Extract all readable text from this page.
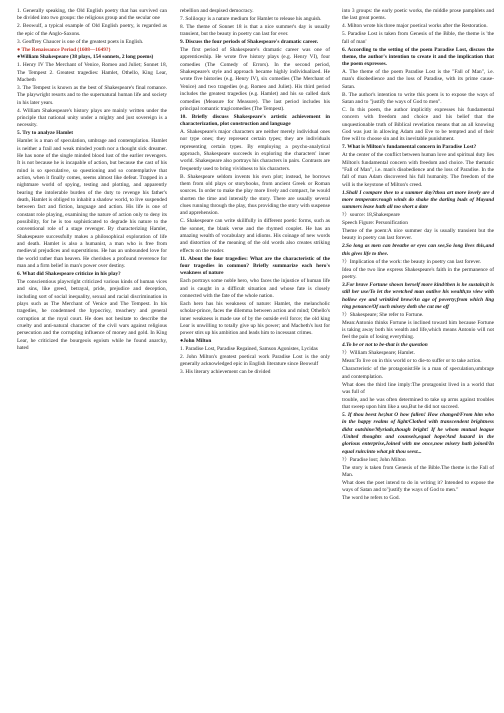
1. Generally speaking, the Old English poetry that has survived can be divided into two groups: the religious group and the secular one

2. Beowulf, a typical example of Old English poetry, is regarded as the epic of the Anglo-Saxons.

3. Geoffrey Chaucer is one of the greatest poets in English.

● The Renaissance Period (1608—1649?)

●William Shakespeare (38 plays, 154 sonnets, 2 long poems)

1. Henry IV The Merchant of Venice, Romeo and Juliet; Sonnet 18, The Tempest 2. Greatest tragedies: Hamlet, Othello, King Lear, Macbeth

3. The Tempest is known as the best of Shakespeare's final romance. The playwright resorts and to the supernatural human life and society in his later years.

4. William Shakespeare's history plays are mainly written under the principle that national unity under a mighty and just sovereign is a necessity.

5. Try to analyze Hamlet

Hamlet is a man of speculation, umbrage and contemplation. Hamlet is neither a frail and weak minded youth nor a thought sick dreamer. He has none of the single minded blood lust of the earlier revengers. It is not because he is incapable of action, but because the cast of his mind is so speculative, so questioning and so contemplative that action, when it finally comes, seems almost like defeat. Trapped in a nightmare world of spying, testing and plotting, and apparently bearing the intolerable burden of the duty to revenge his father's death, Hamlet is obliged to inhabit a shadow world, to live suspended between fact and fiction, language and action. His life is one of constant role playing, examining the nature of action only to deny its possibility, for he is too sophisticated to degrade his nature to the conventional role of a stage revenger. By characterizing Hamlet, Shakespeare successfully makes a philosophical exploration of life and death. Hamlet is also a humanist, a man who is free from medieval prejudices and superstitions. He has an unbounded love for the world rather than heaven. He cherishes a profound reverence for man and a firm belief in man's power over destiny.

6. What did Shakespeare criticize in his play?

The conscientious playwright criticized various kinds of human vices and sins, like greed, betrayal, pride, prejudice and deception, including sort of social inequality, sexual and racial discrimination in plays such as The Merchant of Venice and The Tempest. In his tragedies, he condemned the hypocrisy, treachery and general corruption at the royal court. He does not hesitate to describe the cruelty and anti-natural character of the civil wars against religious persecution and the corrupting influence of money and gold. In King Lear, he criticized the bourgeois egoism while he found anarchy, hated

rebellion and despised democracy.

7. Soliloquy is a nature medium for Hamlet to release his anguish.

8. The theme of Sonnet 18 is that a nice summer's day is usually transient, but the beauty in poetry can last for ever.

9. Discuss the four periods of Shakespeare's dramatic career.

The first period of Shakespeare's dramatic career was one of apprenticeship. He wrote five history plays (e.g. Henry VI), four comedies (The Comedy of Errors). In the second period, Shakespeare's style and approach became highly individualized. He wrote five histories (e.g. Henry IV), six comedies (The Merchant of Venice) and two tragedies (e.g. Romeo and Juliet). His third period includes the greatest tragedies (e.g. Hamlet) and his so called dark comedies (Measure for Measure). The last period includes his principal romantic tragicomedies (The Tempest).

10. Briefly discuss Shakespeare's artistic achievement in characterization, plot construction and language

A. Shakespeare's major characters are neither merely individual ones nor type ones; they represent certain types; they are individuals representing certain types. By employing a psycho-analytical approach, Shakespeare succeeds in exploring the characters' inner world. Shakespeare also portrays his characters in pairs. Contrasts are frequently used to bring vividness to his characters.

B. Shakespeare seldom invents his own plot; instead, he borrows them from old plays or storybooks, from ancient Greek or Roman sources. In order to make the play more lively and compact, he would shorten the time and intensify the story. There are usually several clues running through the play, thus providing the story with suspense and apprehension.

C. Shakespeare can write skillfully in different poetic forms, such as the sonnet, the blank verse and the rhymed couplet. He has an amazing wealth of vocabulary and idioms. His coinage of new words and distortion of the meaning of the old words also creates striking effects on the reader.

11. About the four tragedies: What are the characteristic of the four tragedies in common? Briefly summarize each hero's weakness of nature

Each portrays some noble hero, who faces the injustice of human life and is caught in a difficult situation and whose fate is closely connected with the fate of the whole nation.

Each hero has his weakness of nature: Hamlet, the melancholic scholar-prince, faces the dilemma between action and mind; Othello's inner weakness is made use of by the outside evil force; the old king Lear is unwilling to totally give up his power; and Macbeth's lust for power stirs up his ambition and leads him to incessant crimes.

●John Milton

1. Paradise Lost, Paradise Regained, Samson Agonistes, Lycidas

2. John Milton's greatest poetical work Paradise Lost is the only generally acknowledged epic in English literature since Beowulf

3. His literary achievement can be divided

into 3 groups: the early poetic works, the middle prose pamphlets and the last great poems.

4. Milton wrote his three major poetical works after the Restoration.

5. Paradise Lost is taken from Genesis of the Bible, the theme is 'the fall of man'

6. According to the setting of the poem Paradise Lost, discuss the theme, the author's intention to create it and the implication that the poem expresses.

A. The theme of the poem Paradise Lost is the "Fall of Man", i.e. man's disobedience and the loss of Paradise, with its prime cause-Satan.

B. The author's intention to write this poem is to expose the ways of Satan and to "justify the ways of God to men".

C. In this poem, the author implicitly expresses his fundamental concern with freedom and choice and his belief that the unquestionable truth of Biblical revelation means that an all knowing God was just in allowing Adam and Eve to be tempted and of their free will to choose sin and its inevitable punishment.

7. What is Milton's fundamental concern in Paradise Lost?

At the center of the conflict between human love and spiritual duty lies Milton's fundamental concern with freedom and choice. The thematic "Fall of Man", i.e. man's disobedience and the loss of Paradise. In the fall of man Adam discovered his full humanity. The freedom of the will is the keystone of Milton's creed.

1.Shall I compare thee to a summer day?thou art more lovely are d more temperate:rough winds do shake the darling buds of Mayand summers lease hath all too short a date

?）source: 18,Shakespeare

Speech Figure: Personification

Theme of the poem:A nice summer day is usually transient but the beauty in poetry can last forever.

2.So long as men can breathe or eyes can see,So long lives this,and this gives life to thee.

?）Implication of the work: the beauty in poetry can last forever.

Idea of the two line express Shakespeare's faith in the permanence of poetry.

3.For brave Fortune shown herself more kind/then is he sustain;it is still her use/To let the wretched man outlive his wealth;to view with hollow eye and wrinkled brow/An age of poverty;from which ling ring penance/Of such misery doth she cut me off

?）Shakespeare; She refer to Fortune.

Mean:Antonio thinks Fortune is inclined toward him because Fortune is taking away both his wealth and life,which means Antonio will not feel the pain of losing everything.

4.To be or not to be-that is the question

?）William Shakespeare; Hamlet.

Mean:To live on in this world or to die-to suffer or to take action.

Characteristic of the protagonist:He is a man of speculation,umbrage and contemplation.

What does the third line imply:The protagonist lived in a world that was full of

trouble, and he was often determined to take up arms against troubles that sweep upon him like a sea,But he did not succeed.

5. If thou beest he;but O how fallen! How changed/From him who in the happy realms of light/Clothed with transcendent brightness didst outshine/Myriads,though bright! If he whom mutual league /United thoughts and counsels,equal hope/And hazard in the glorious enterprise,Joined with me once,now misery hath joined/In equal ruin:into what pit thou seest...

?）Paradise lost; John Milton

The story is taken from Genesis of the Bible.The theme is the Fall of Man.

What does the poet intend to do in writing it? Intended to expose the ways of Satan and to"justify the ways of God to men."

The word he refers to God.
